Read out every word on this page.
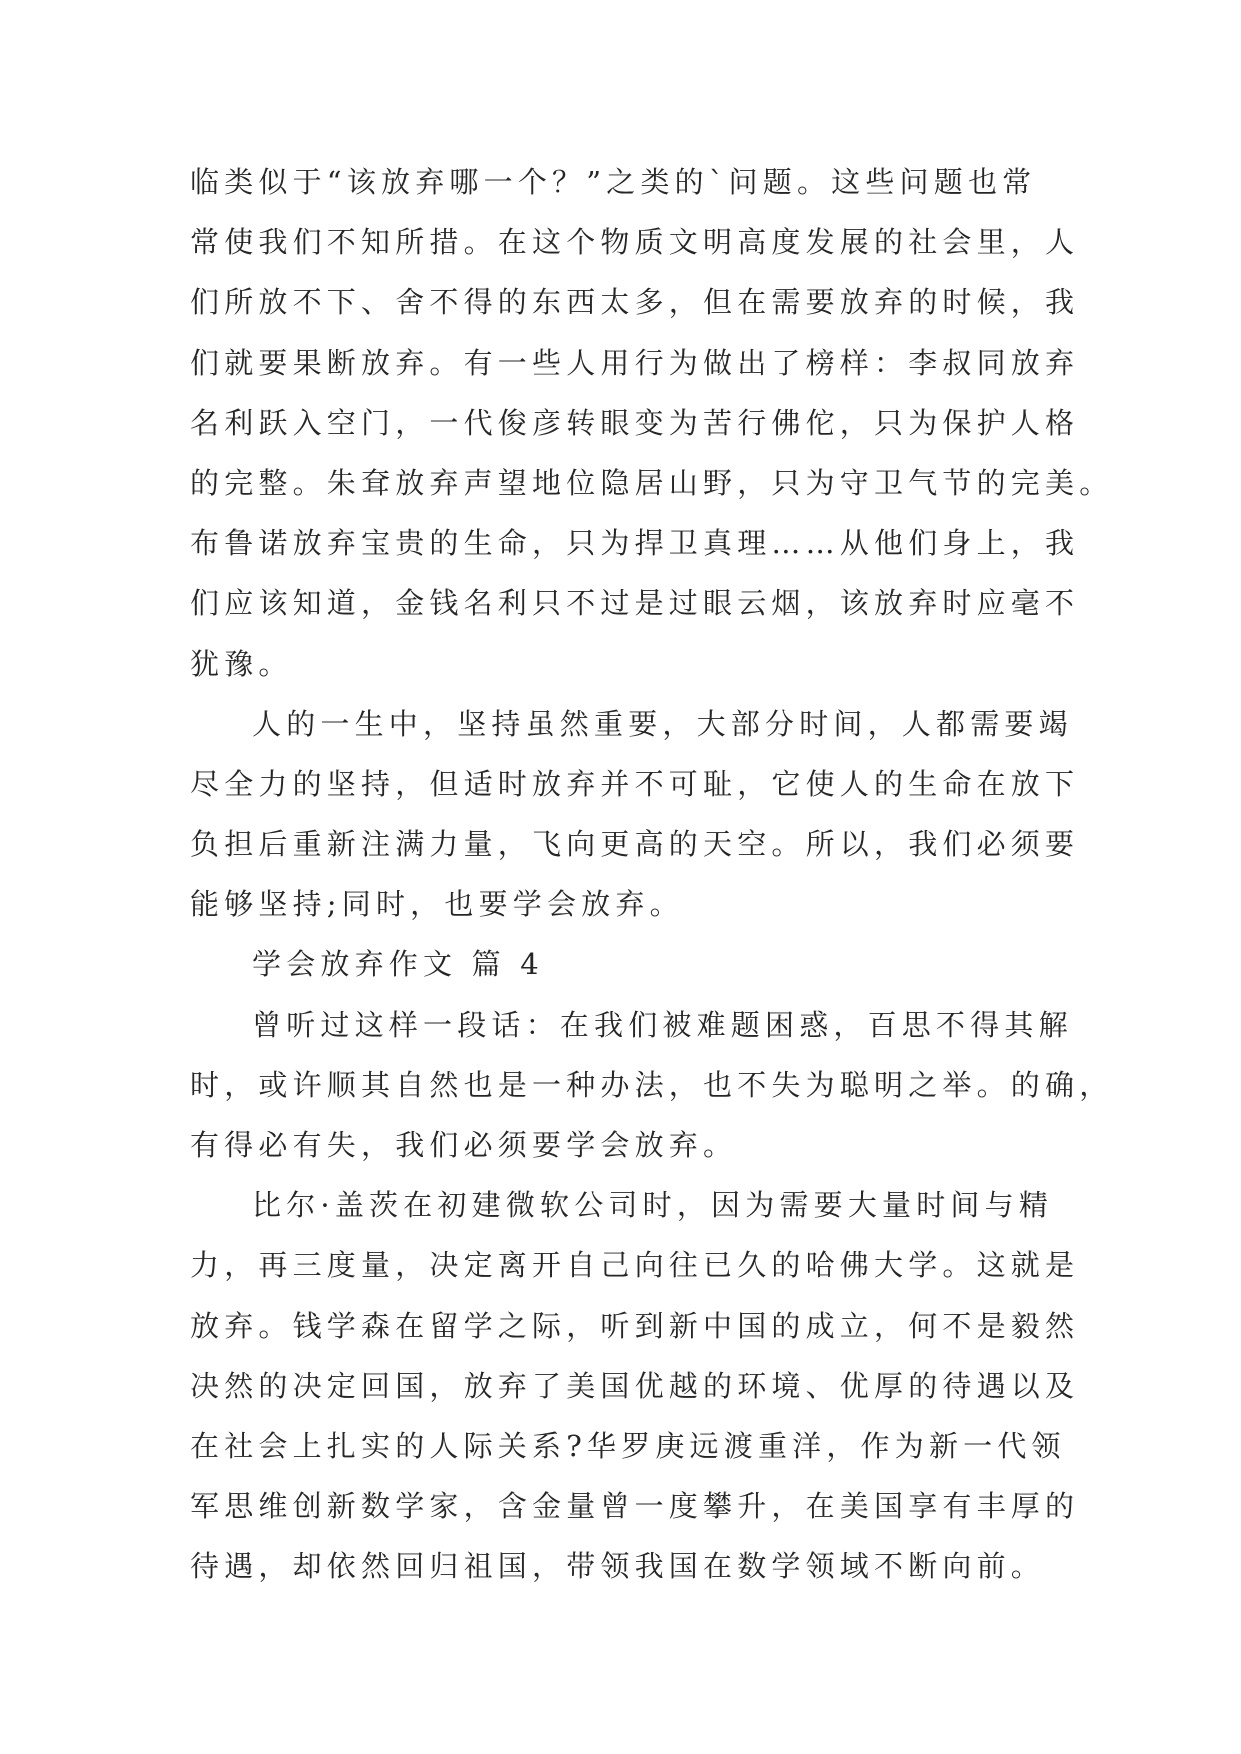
临类似于“该放弃哪一个？”之类的`问题。这些问题也常
常使我们不知所措。在这个物质文明高度发展的社会里，人
们所放不下、舍不得的东西太多，但在需要放弃的时候，我
们就要果断放弃。有一些人用行为做出了榜样：李叔同放弃
名利跃入空门，一代俊彦转眼变为苦行佛佗，只为保护人格
的完整。朱耷放弃声望地位隐居山野，只为守卫气节的完美。
布鲁诺放弃宝贵的生命，只为捍卫真理……从他们身上，我
们应该知道，金钱名利只不过是过眼云烟，该放弃时应毫不
犹豫。
人的一生中，坚持虽然重要，大部分时间，人都需要竭
尽全力的坚持，但适时放弃并不可耻，它使人的生命在放下
负担后重新注满力量，飞向更高的天空。所以，我们必须要
能够坚持;同时，也要学会放弃。
学会放弃作文 篇 4
曾听过这样一段话：在我们被难题困惑，百思不得其解
时，或许顺其自然也是一种办法，也不失为聪明之举。的确，
有得必有失，我们必须要学会放弃。
比尔·盖茨在初建微软公司时，因为需要大量时间与精
力，再三度量，决定离开自己向往已久的哈佛大学。这就是
放弃。钱学森在留学之际，听到新中国的成立，何不是毅然
决然的决定回国，放弃了美国优越的环境、优厚的待遇以及
在社会上扎实的人际关系?华罗庚远渡重洋，作为新一代领
军思维创新数学家，含金量曾一度攀升，在美国享有丰厚的
待遇，却依然回归祖国，带领我国在数学领域不断向前。
